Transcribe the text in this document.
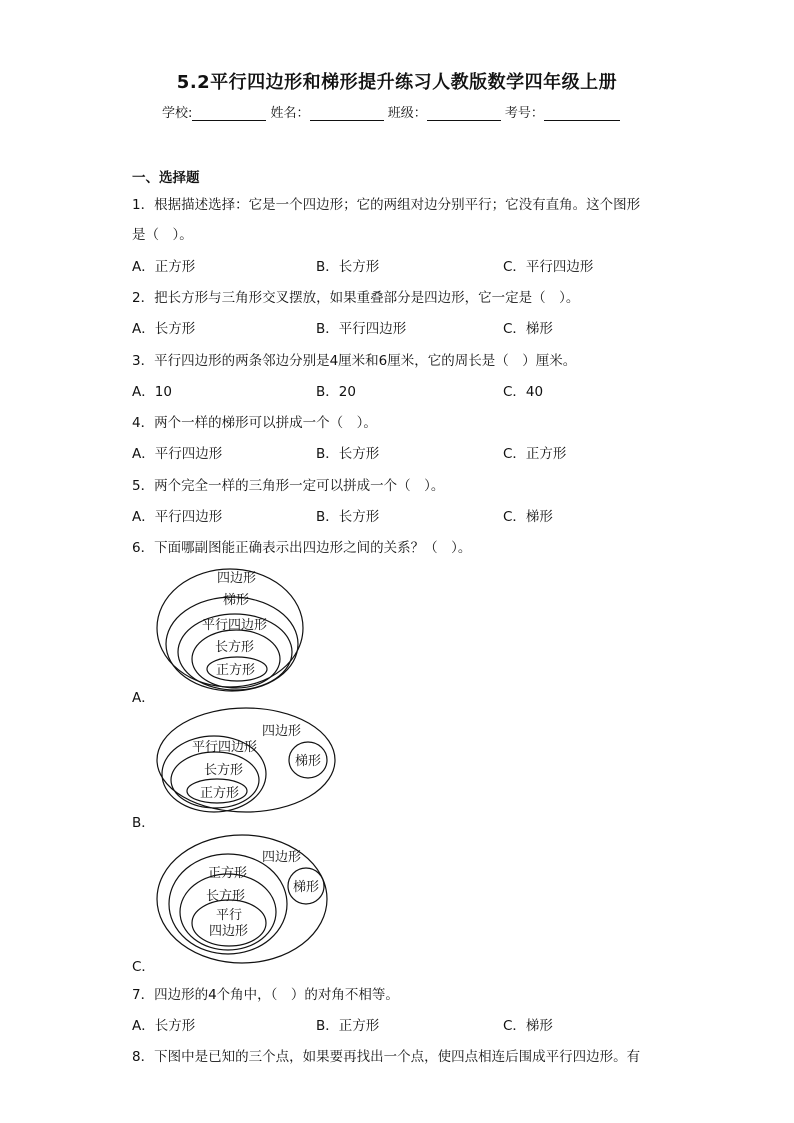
5.2平行四边形和梯形提升练习人教版数学四年级上册
学校:	姓名：	班级：	考号：
一、选择题
1．根据描述选择：它是一个四边形；它的两组对边分别平行；它没有直角。这个图形
是（　）。
A．正方形	B．长方形	C．平行四边形
2．把长方形与三角形交叉摆放，如果重叠部分是四边形，它一定是（　）。
A．长方形	B．平行四边形	C．梯形
3．平行四边形的两条邻边分别是4厘米和6厘米，它的周长是（　）厘米。
A．10	B．20	C．40
4．两个一样的梯形可以拼成一个（　）。
A．平行四边形	B．长方形	C．正方形
5．两个完全一样的三角形一定可以拼成一个（　）。
A．平行四边形	B．长方形	C．梯形
6．下面哪副图能正确表示出四边形之间的关系？（　）。
四边形
梯形
平行四边形
长方形
正方形
A．
四边形
平行四边形
长方形
正方形
梯形
B．
四边形
正方形
长方形
平行
四边形
梯形
C．
7．四边形的4个角中，（　）的对角不相等。
A．长方形	B．正方形	C．梯形
8．下图中是已知的三个点，如果要再找出一个点，使四点相连后围成平行四边形。有
